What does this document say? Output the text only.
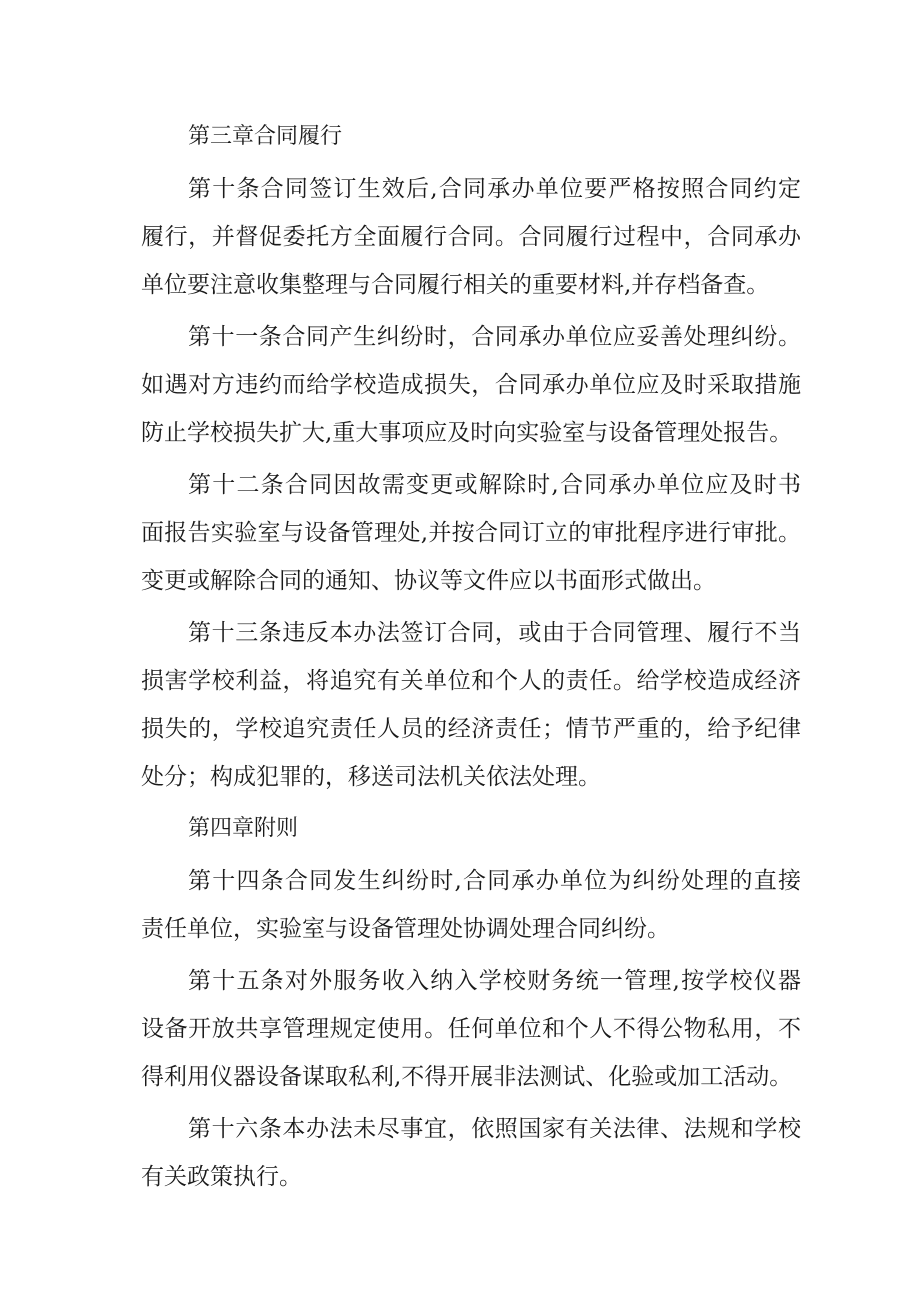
第三章合同履行
第十条合同签订生效后,合同承办单位要严格按照合同约定
履行，并督促委托方全面履行合同。合同履行过程中，合同承办
单位要注意收集整理与合同履行相关的重要材料,并存档备查。
第十一条合同产生纠纷时，合同承办单位应妥善处理纠纷。
如遇对方违约而给学校造成损失，合同承办单位应及时采取措施
防止学校损失扩大,重大事项应及时向实验室与设备管理处报告。
第十二条合同因故需变更或解除时,合同承办单位应及时书
面报告实验室与设备管理处,并按合同订立的审批程序进行审批。
变更或解除合同的通知、协议等文件应以书面形式做出。
第十三条违反本办法签订合同，或由于合同管理、履行不当
损害学校利益，将追究有关单位和个人的责任。给学校造成经济
损失的，学校追究责任人员的经济责任；情节严重的，给予纪律
处分；构成犯罪的，移送司法机关依法处理。
第四章附则
第十四条合同发生纠纷时,合同承办单位为纠纷处理的直接
责任单位，实验室与设备管理处协调处理合同纠纷。
第十五条对外服务收入纳入学校财务统一管理,按学校仪器
设备开放共享管理规定使用。任何单位和个人不得公物私用，不
得利用仪器设备谋取私利,不得开展非法测试、化验或加工活动。
第十六条本办法未尽事宜，依照国家有关法律、法规和学校
有关政策执行。
